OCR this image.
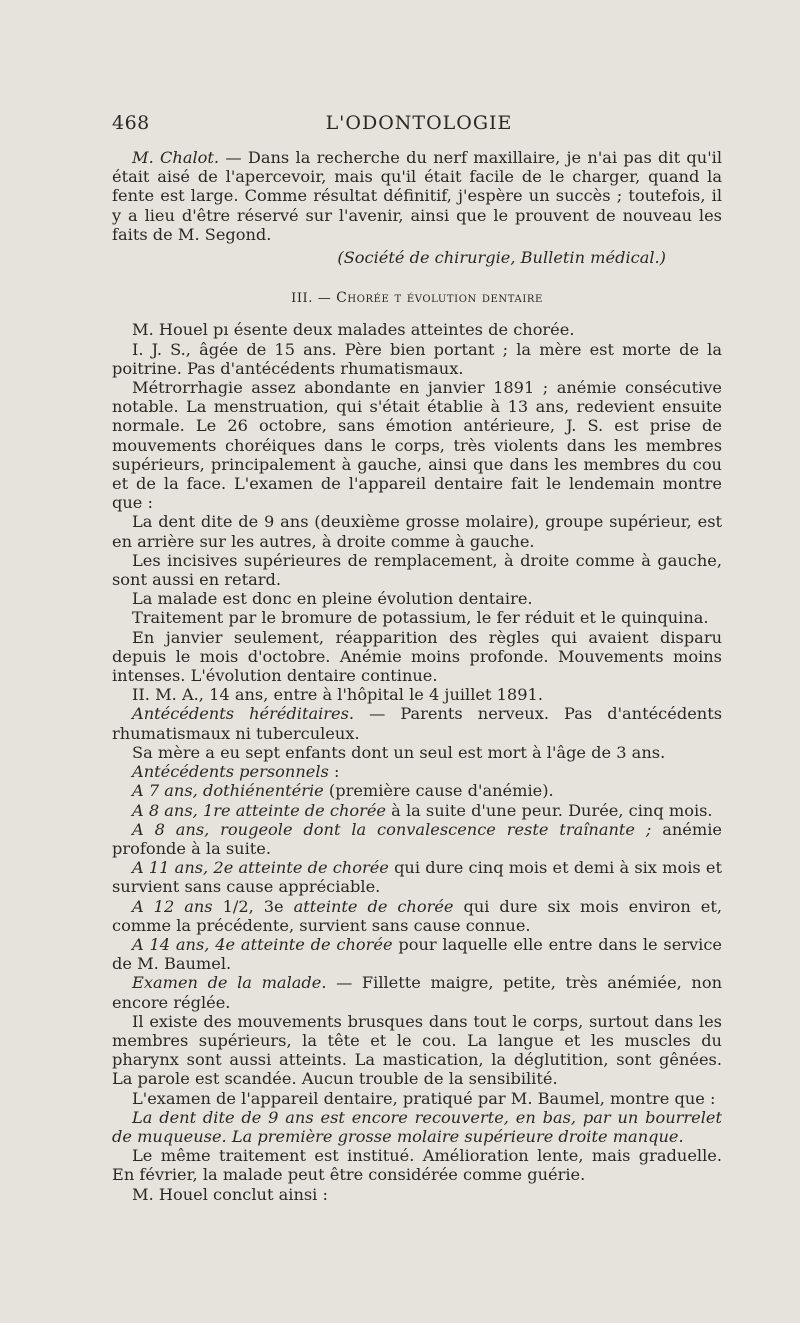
468	L'ODONTOLOGIE

M. Chalot. — Dans la recherche du nerf maxillaire, je n'ai pas dit qu'il était aisé de l'apercevoir, mais qu'il était facile de le charger, quand la fente est large. Comme résultat définitif, j'espère un succès ; toutefois, il y a lieu d'être réservé sur l'avenir, ainsi que le prouvent de nouveau les faits de M. Segond.

(Société de chirurgie, Bulletin médical.)

III. — Chorée t évolution dentaire

M. Houel pı ésente deux malades atteintes de chorée.

I. J. S., âgée de 15 ans. Père bien portant ; la mère est morte de la poitrine. Pas d'antécédents rhumatismaux.

Métrorrhagie assez abondante en janvier 1891 ; anémie consécutive notable. La menstruation, qui s'était établie à 13 ans, redevient ensuite normale. Le 26 octobre, sans émotion antérieure, J. S. est prise de mouvements choréiques dans le corps, très violents dans les membres supérieurs, principalement à gauche, ainsi que dans les membres du cou et de la face. L'examen de l'appareil dentaire fait le lendemain montre que :

La dent dite de 9 ans (deuxième grosse molaire), groupe supérieur, est en arrière sur les autres, à droite comme à gauche.

Les incisives supérieures de remplacement, à droite comme à gauche, sont aussi en retard.

La malade est donc en pleine évolution dentaire.

Traitement par le bromure de potassium, le fer réduit et le quinquina.

En janvier seulement, réapparition des règles qui avaient disparu depuis le mois d'octobre. Anémie moins profonde. Mouvements moins intenses. L'évolution dentaire continue.

II. M. A., 14 ans, entre à l'hôpital le 4 juillet 1891.

Antécédents héréditaires. — Parents nerveux. Pas d'antécédents rhumatismaux ni tuberculeux.

Sa mère a eu sept enfants dont un seul est mort à l'âge de 3 ans.

Antécédents personnels :

A 7 ans, dothiénentérie (première cause d'anémie).

A 8 ans, 1re atteinte de chorée à la suite d'une peur. Durée, cinq mois.

A 8 ans, rougeole dont la convalescence reste traînante ; anémie profonde à la suite.

A 11 ans, 2e atteinte de chorée qui dure cinq mois et demi à six mois et survient sans cause appréciable.

A 12 ans 1/2, 3e atteinte de chorée qui dure six mois environ et, comme la précédente, survient sans cause connue.

A 14 ans, 4e atteinte de chorée pour laquelle elle entre dans le service de M. Baumel.

Examen de la malade. — Fillette maigre, petite, très anémiée, non encore réglée.

Il existe des mouvements brusques dans tout le corps, surtout dans les membres supérieurs, la tête et le cou. La langue et les muscles du pharynx sont aussi atteints. La mastication, la déglutition, sont gênées. La parole est scandée. Aucun trouble de la sensibilité.

L'examen de l'appareil dentaire, pratiqué par M. Baumel, montre que :

La dent dite de 9 ans est encore recouverte, en bas, par un bourrelet de muqueuse. La première grosse molaire supérieure droite manque.

Le même traitement est institué. Amélioration lente, mais graduelle. En février, la malade peut être considérée comme guérie.

M. Houel conclut ainsi :
